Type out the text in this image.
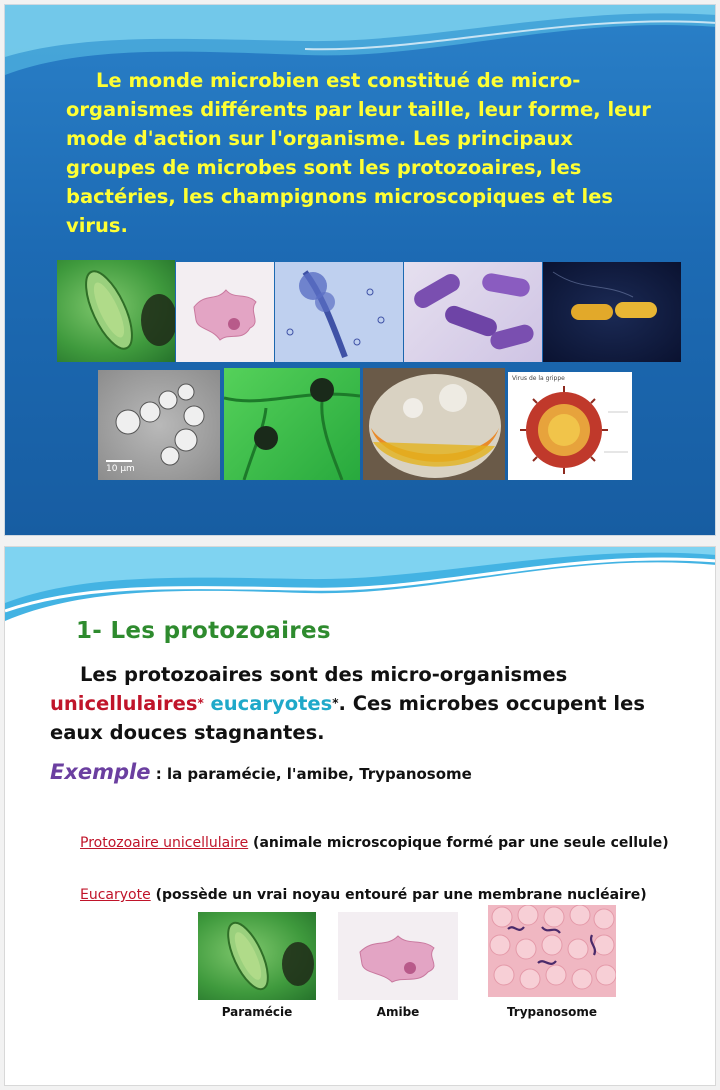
Le monde microbien est constitué de micro-organismes différents par leur taille, leur forme, leur mode d'action sur l'organisme. Les principaux groupes de microbes sont les protozoaires, les bactéries, les champignons microscopiques et les virus.

10 µm
Virus de la grippe
1- Les protozoaires

Les protozoaires sont des micro-organismes unicellulaires* eucaryotes*. Ces microbes occupent les eaux douces stagnantes.

Exemple : la paramécie, l'amibe, Trypanosome

Protozoaire unicellulaire (animale microscopique formé par une seule cellule)

Eucaryote (possède un vrai noyau entouré par une membrane nucléaire)

Paramécie	Amibe	Trypanosome
